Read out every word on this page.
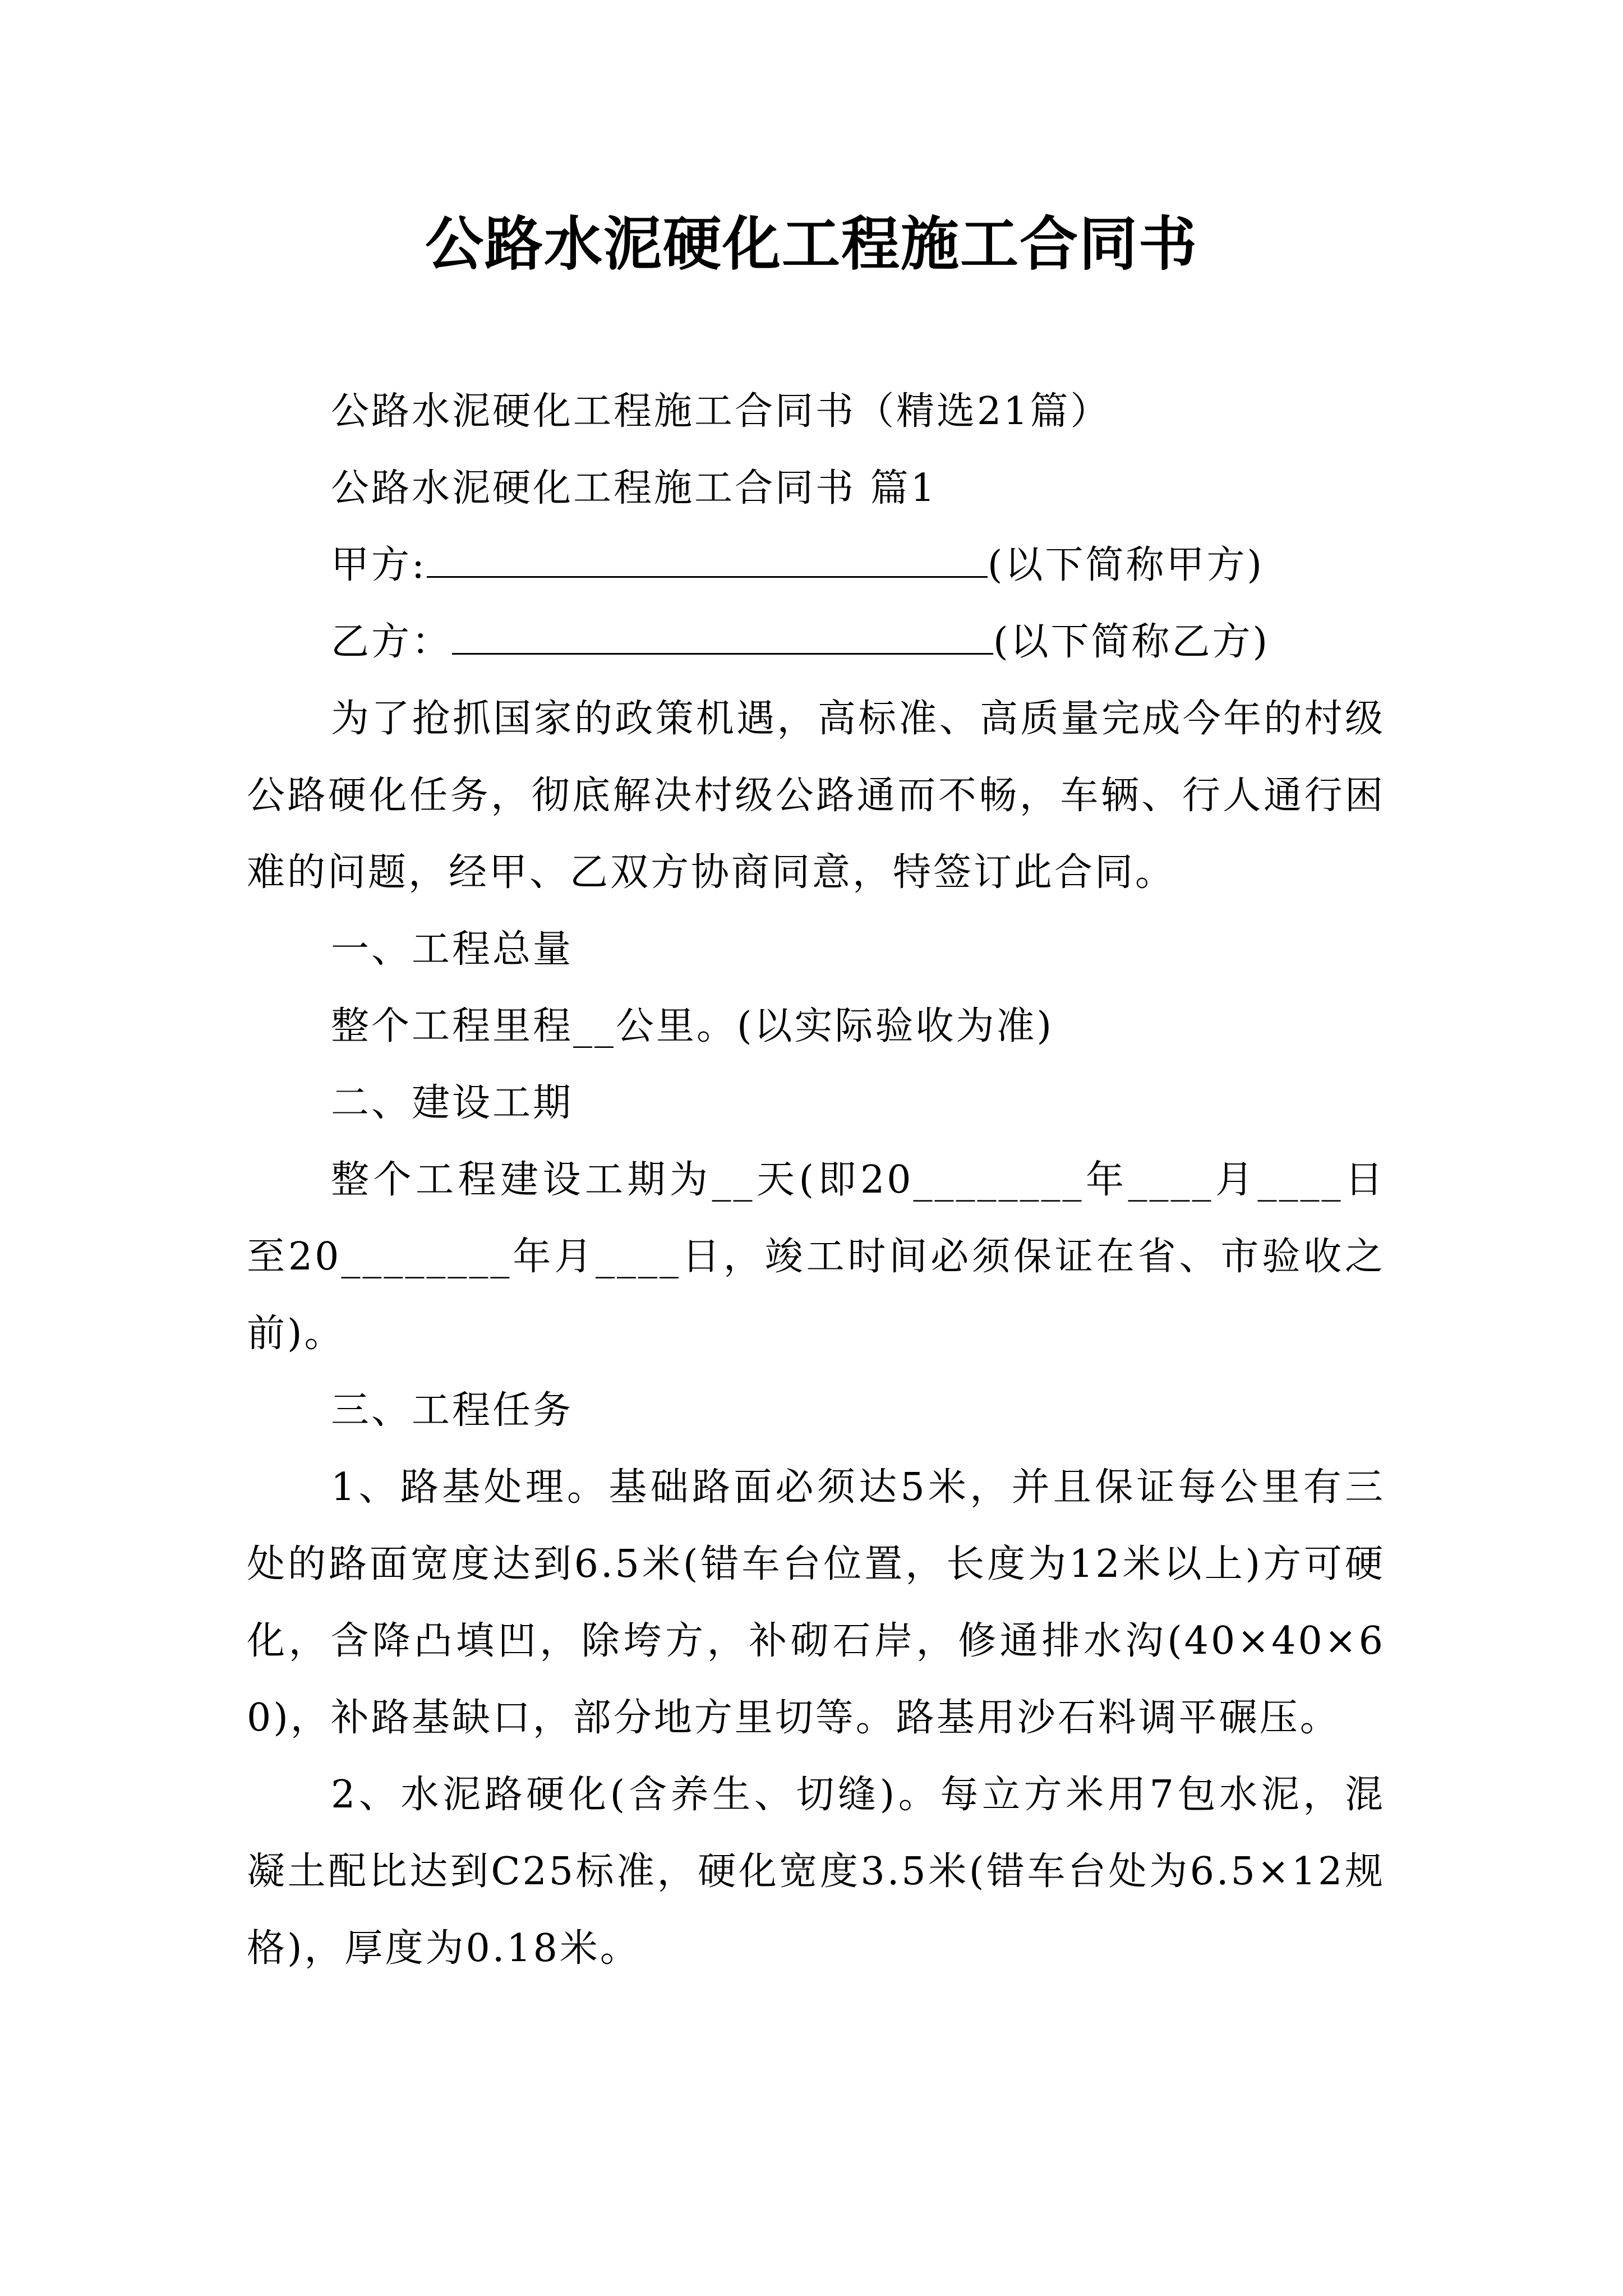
公路水泥硬化工程施工合同书

公路水泥硬化工程施工合同书（精选21篇）

公路水泥硬化工程施工合同书 篇1

甲方:	(以下简称甲方)

乙方：	(以下简称乙方)

为了抢抓国家的政策机遇，高标准、高质量完成今年的村级公路硬化任务，彻底解决村级公路通而不畅，车辆、行人通行困难的问题，经甲、乙双方协商同意，特签订此合同。

一、工程总量

整个工程里程__公里。(以实际验收为准)

二、建设工期

整个工程建设工期为__天(即20________年____月____日至20________年月____日，竣工时间必须保证在省、市验收之前)。

三、工程任务

1、路基处理。基础路面必须达5米，并且保证每公里有三处的路面宽度达到6.5米(错车台位置，长度为12米以上)方可硬化，含降凸填凹，除垮方，补砌石岸，修通排水沟(40×40×60)，补路基缺口，部分地方里切等。路基用沙石料调平碾压。

2、水泥路硬化(含养生、切缝)。每立方米用7包水泥，混凝土配比达到C25标准，硬化宽度3.5米(错车台处为6.5×12规格)，厚度为0.18米。
